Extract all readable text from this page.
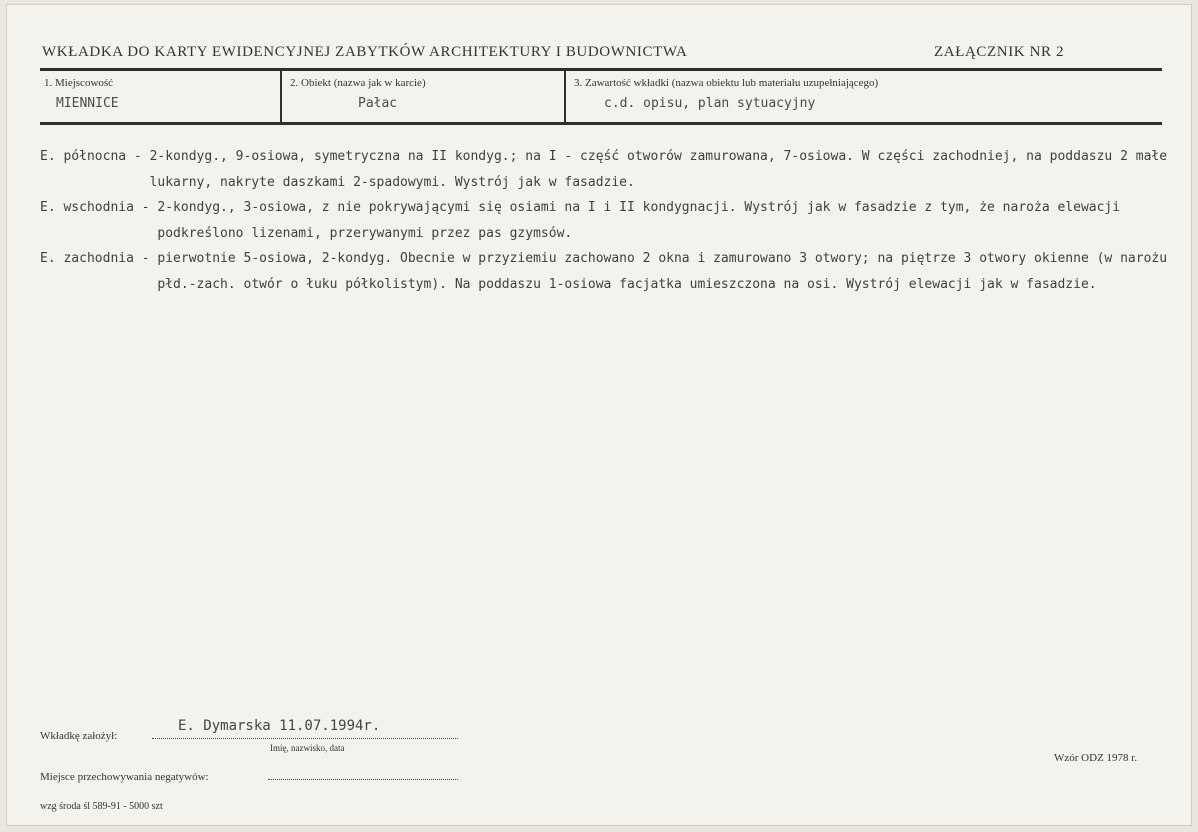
WKŁADKA DO KARTY EWIDENCYJNEJ ZABYTKÓW ARCHITEKTURY I BUDOWNICTWA	ZAŁĄCZNIK NR 2
1. Miejscowość
MIENNICE
2. Obiekt (nazwa jak w karcie)
Pałac
3. Zawartość wkładki (nazwa obiektu lub materiału uzupełniającego)
c.d. opisu, plan sytuacyjny
E. północna - 2-kondyg., 9-osiowa, symetryczna na II kondyg.; na I - część otworów zamurowana, 7-osiowa. W części zachodniej, na poddaszu 2 małe lukarny, nakryte daszkami 2-spadowymi. Wystrój jak w fasadzie.
E. wschodnia - 2-kondyg., 3-osiowa, z nie pokrywającymi się osiami na I i II kondygnacji. Wystrój jak w fasadzie z tym, że naroża elewacji podkreślono lizenami, przerywanymi przez pas gzymsów.
E. zachodnia - pierwotnie 5-osiowa, 2-kondyg. Obecnie w przyziemiu zachowano 2 okna i zamurowano 3 otwory; na piętrze 3 otwory okienne (w narożu płd.-zach. otwór o łuku półkolistym). Na poddaszu 1-osiowa facjatka umieszczona na osi. Wystrój elewacji jak w fasadzie.
Wkładkę założył:
E. Dymarska 11.07.1994r.
Imię, nazwisko, data
Wzór ODZ 1978 r.
Miejsce przechowywania negatywów:
wzg środa śl 589-91 - 5000 szt
